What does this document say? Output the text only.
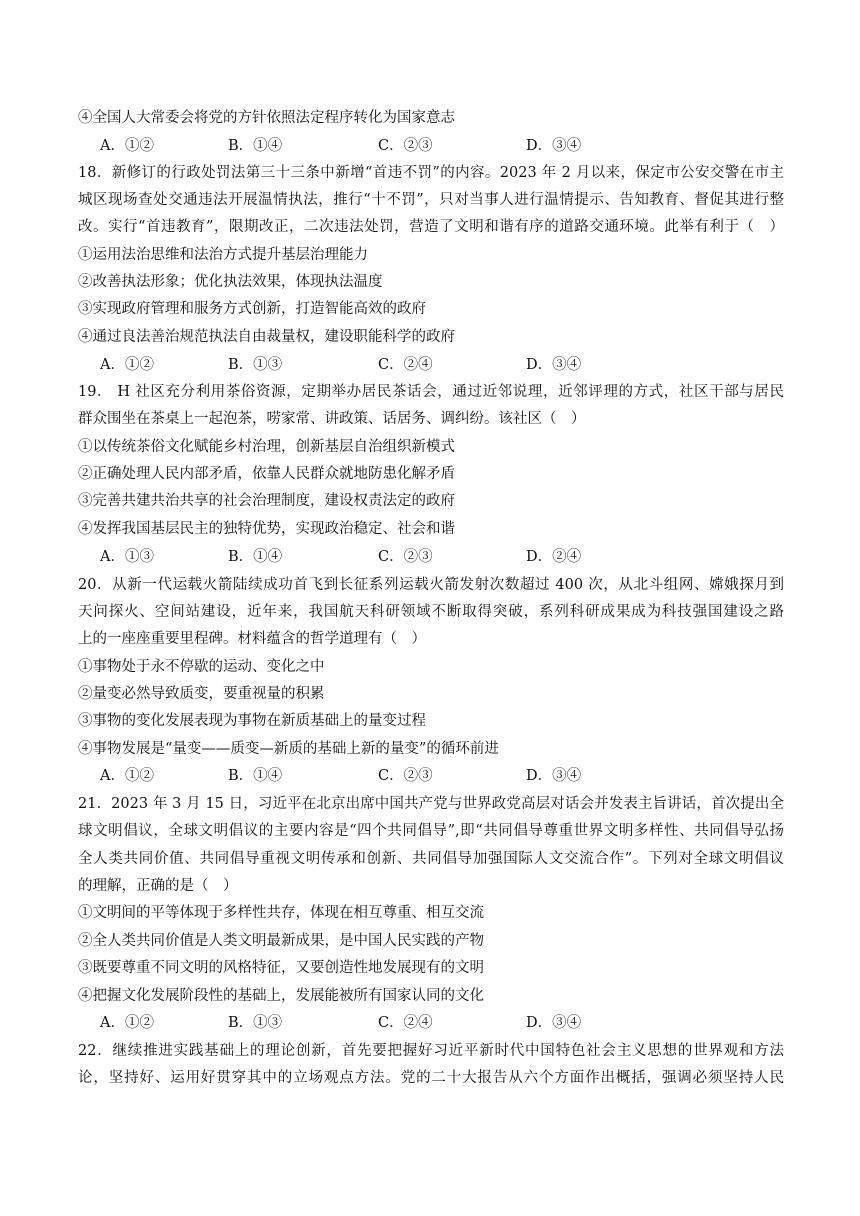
④全国人大常委会将党的方针依照法定程序转化为国家意志
A．①②	B．①④	C．②③	D．③④
18．新修订的行政处罚法第三十三条中新增“首违不罚”的内容。2023 年 2 月以来，保定市公安交警在市主
城区现场查处交通违法开展温情执法，推行“十不罚”，只对当事人进行温情提示、告知教育、督促其进行整
改。实行“首违教育”，限期改正，二次违法处罚，营造了文明和谐有序的道路交通环境。此举有利于（　）
①运用法治思维和法治方式提升基层治理能力
②改善执法形象；优化执法效果，体现执法温度
③实现政府管理和服务方式创新，打造智能高效的政府
④通过良法善治规范执法自由裁量权，建设职能科学的政府
A．①②	B．①③	C．②④	D．③④
19． H 社区充分利用茶俗资源，定期举办居民茶话会，通过近邻说理，近邻评理的方式，社区干部与居民
群众围坐在茶桌上一起泡茶，唠家常、讲政策、话居务、调纠纷。该社区（　）
①以传统茶俗文化赋能乡村治理，创新基层自治组织新模式
②正确处理人民内部矛盾，依靠人民群众就地防患化解矛盾
③完善共建共治共享的社会治理制度，建设权责法定的政府
④发挥我国基层民主的独特优势，实现政治稳定、社会和谐
A．①③	B．①④	C．②③	D．②④
20．从新一代运载火箭陆续成功首飞到长征系列运载火箭发射次数超过 400 次，从北斗组网、嫦娥探月到
天问探火、空间站建设，近年来，我国航天科研领域不断取得突破，系列科研成果成为科技强国建设之路
上的一座座重要里程碑。材料蕴含的哲学道理有（　）
①事物处于永不停歇的运动、变化之中
②量变必然导致质变，要重视量的积累
③事物的变化发展表现为事物在新质基础上的量变过程
④事物发展是“量变——质变—新质的基础上新的量变”的循环前进
A．①②	B．①④	C．②③	D．③④
21．2023 年 3 月 15 日，习近平在北京出席中国共产党与世界政党高层对话会并发表主旨讲话，首次提出全
球文明倡议，全球文明倡议的主要内容是“四个共同倡导”,即“共同倡导尊重世界文明多样性、共同倡导弘扬
全人类共同价值、共同倡导重视文明传承和创新、共同倡导加强国际人文交流合作”。下列对全球文明倡议
的理解，正确的是（　）
①文明间的平等体现于多样性共存，体现在相互尊重、相互交流
②全人类共同价值是人类文明最新成果，是中国人民实践的产物
③既要尊重不同文明的风格特征，又要创造性地发展现有的文明
④把握文化发展阶段性的基础上，发展能被所有国家认同的文化
A．①②	B．①③	C．②④	D．③④
22．继续推进实践基础上的理论创新，首先要把握好习近平新时代中国特色社会主义思想的世界观和方法
论，坚持好、运用好贯穿其中的立场观点方法。党的二十大报告从六个方面作出概括，强调必须坚持人民
